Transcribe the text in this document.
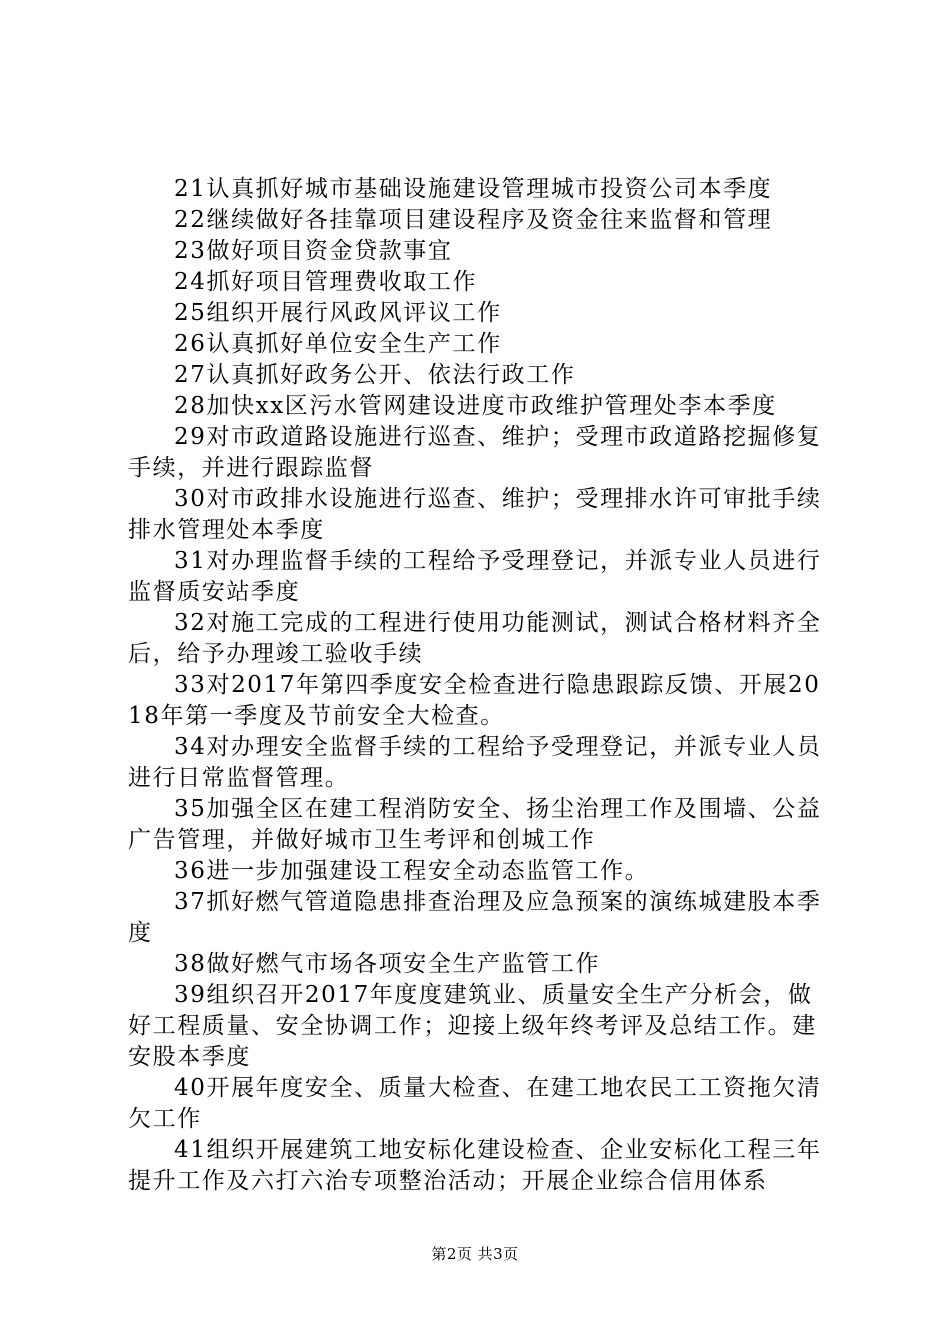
21认真抓好城市基础设施建设管理城市投资公司本季度

22继续做好各挂靠项目建设程序及资金往来监督和管理

23做好项目资金贷款事宜

24抓好项目管理费收取工作

25组织开展行风政风评议工作

26认真抓好单位安全生产工作

27认真抓好政务公开、依法行政工作

28加快xx区污水管网建设进度市政维护管理处李本季度

29对市政道路设施进行巡查、维护；受理市政道路挖掘修复手续，并进行跟踪监督

30对市政排水设施进行巡查、维护；受理排水许可审批手续排水管理处本季度

31对办理监督手续的工程给予受理登记，并派专业人员进行监督质安站季度

32对施工完成的工程进行使用功能测试，测试合格材料齐全后，给予办理竣工验收手续

33对2017年第四季度安全检查进行隐患跟踪反馈、开展2018年第一季度及节前安全大检查。

34对办理安全监督手续的工程给予受理登记，并派专业人员进行日常监督管理。

35加强全区在建工程消防安全、扬尘治理工作及围墙、公益广告管理，并做好城市卫生考评和创城工作

36进一步加强建设工程安全动态监管工作。

37抓好燃气管道隐患排查治理及应急预案的演练城建股本季度

38做好燃气市场各项安全生产监管工作

39组织召开2017年度度建筑业、质量安全生产分析会，做好工程质量、安全协调工作；迎接上级年终考评及总结工作。建安股本季度

40开展年度安全、质量大检查、在建工地农民工工资拖欠清欠工作

41组织开展建筑工地安标化建设检查、企业安标化工程三年提升工作及六打六治专项整治活动；开展企业综合信用体系

第2页 共3页
